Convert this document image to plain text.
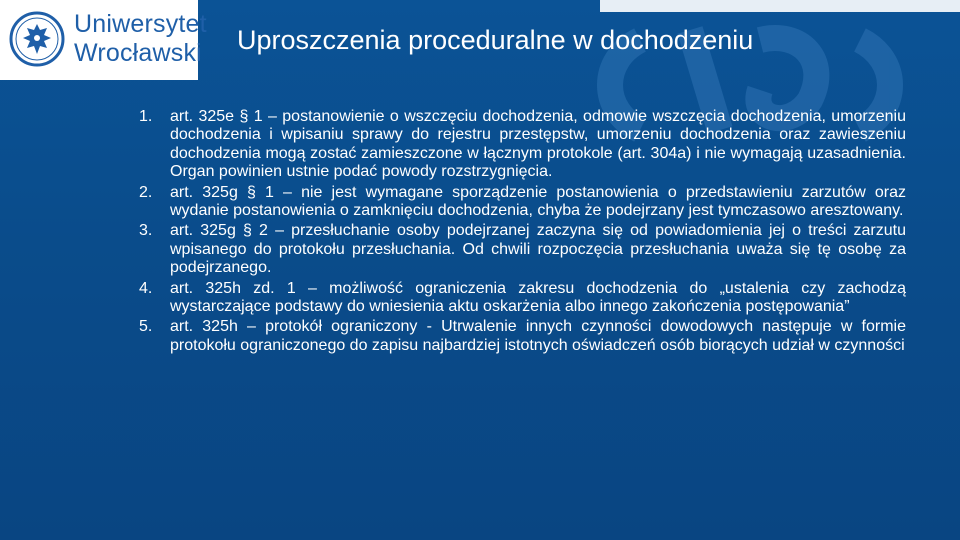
Uniwersytet
Wrocławski Uproszczenia proceduralne w dochodzeniu
1. art. 325e § 1 – postanowienie o wszczęciu dochodzenia, odmowie wszczęcia dochodzenia, umorzeniu dochodzenia i wpisaniu sprawy do rejestru przestępstw, umorzeniu dochodzenia oraz zawieszeniu dochodzenia mogą zostać zamieszczone w łącznym protokole (art. 304a) i nie wymagają uzasadnienia. Organ powinien ustnie podać powody rozstrzygnięcia.
2. art. 325g § 1 – nie jest wymagane sporządzenie postanowienia o przedstawieniu zarzutów oraz wydanie postanowienia o zamknięciu dochodzenia, chyba że podejrzany jest tymczasowo aresztowany.
3. art. 325g § 2 – przesłuchanie osoby podejrzanej zaczyna się od powiadomienia jej o treści zarzutu wpisanego do protokołu przesłuchania. Od chwili rozpoczęcia przesłuchania uważa się tę osobę za podejrzanego.
4. art. 325h zd. 1 – możliwość ograniczenia zakresu dochodzenia do „ustalenia czy zachodzą wystarczające podstawy do wniesienia aktu oskarżenia albo innego zakończenia postępowania”
5. art. 325h – protokół ograniczony - Utrwalenie innych czynności dowodowych następuje w formie protokołu ograniczonego do zapisu najbardziej istotnych oświadczeń osób biorących udział w czynności
